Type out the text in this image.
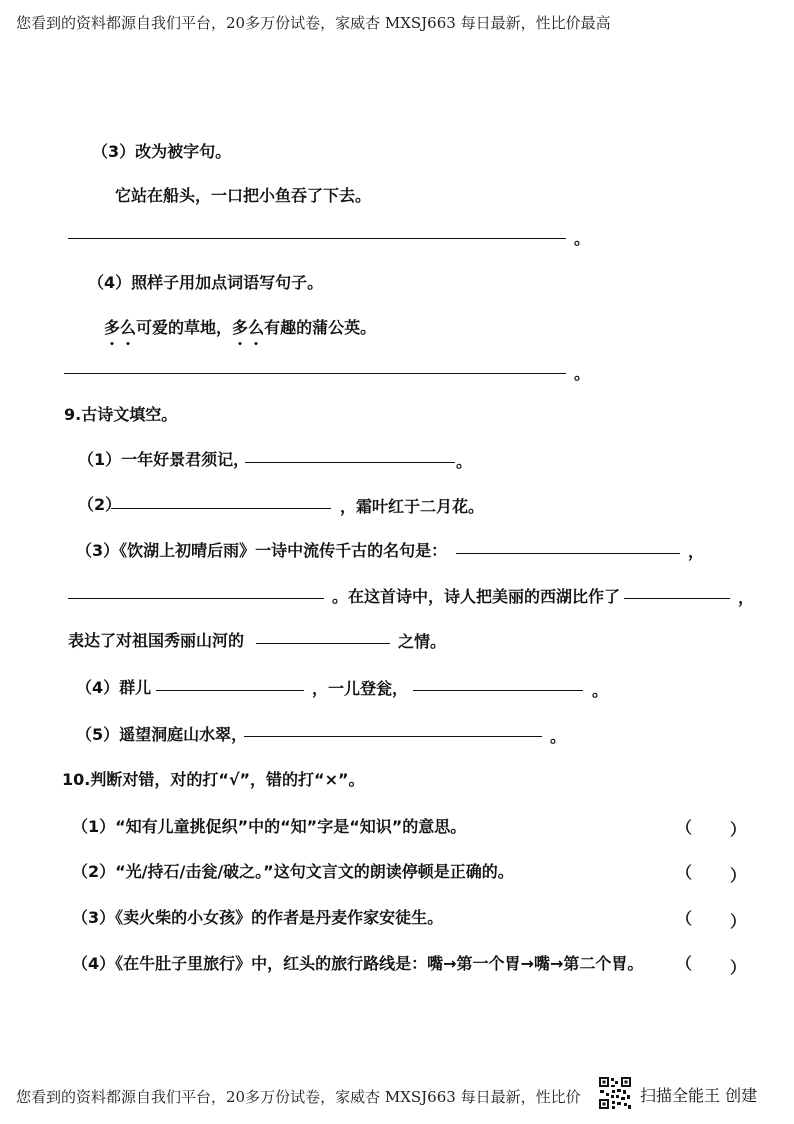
您看到的资料都源自我们平台，20多万份试卷，家威杏 MXSJ663 每日最新，性比价最高
（3）改为被字句。
它站在船头，一口把小鱼吞了下去。
。
（4）照样子用加点词语写句子。
多么可爱的草地，多么有趣的蒲公英。
。
9.古诗文填空。
（1）一年好景君须记，	。
（2）	，霜叶红于二月花。
（3）《饮湖上初晴后雨》一诗中流传千古的名句是：	，
。在这首诗中，诗人把美丽的西湖比作了	，
表达了对祖国秀丽山河的	之情。
（4）群儿	，一儿登瓮，	。
（5）遥望洞庭山水翠，	。
10.判断对错，对的打“√”，错的打“×”。
（1）“知有儿童挑促织”中的“知”字是“知识”的意思。	（ ）
（2）“光/持石/击瓮/破之。”这句文言文的朗读停顿是正确的。	（ ）
（3）《卖火柴的小女孩》的作者是丹麦作家安徒生。	（ ）
（4）《在牛肚子里旅行》中，红头的旅行路线是：嘴→第一个胃→嘴→第二个胃。 （ ）
您看到的资料都源自我们平台，20多万份试卷，家威杏 MXSJ663 每日最新，性比价	扫描全能王 创建
